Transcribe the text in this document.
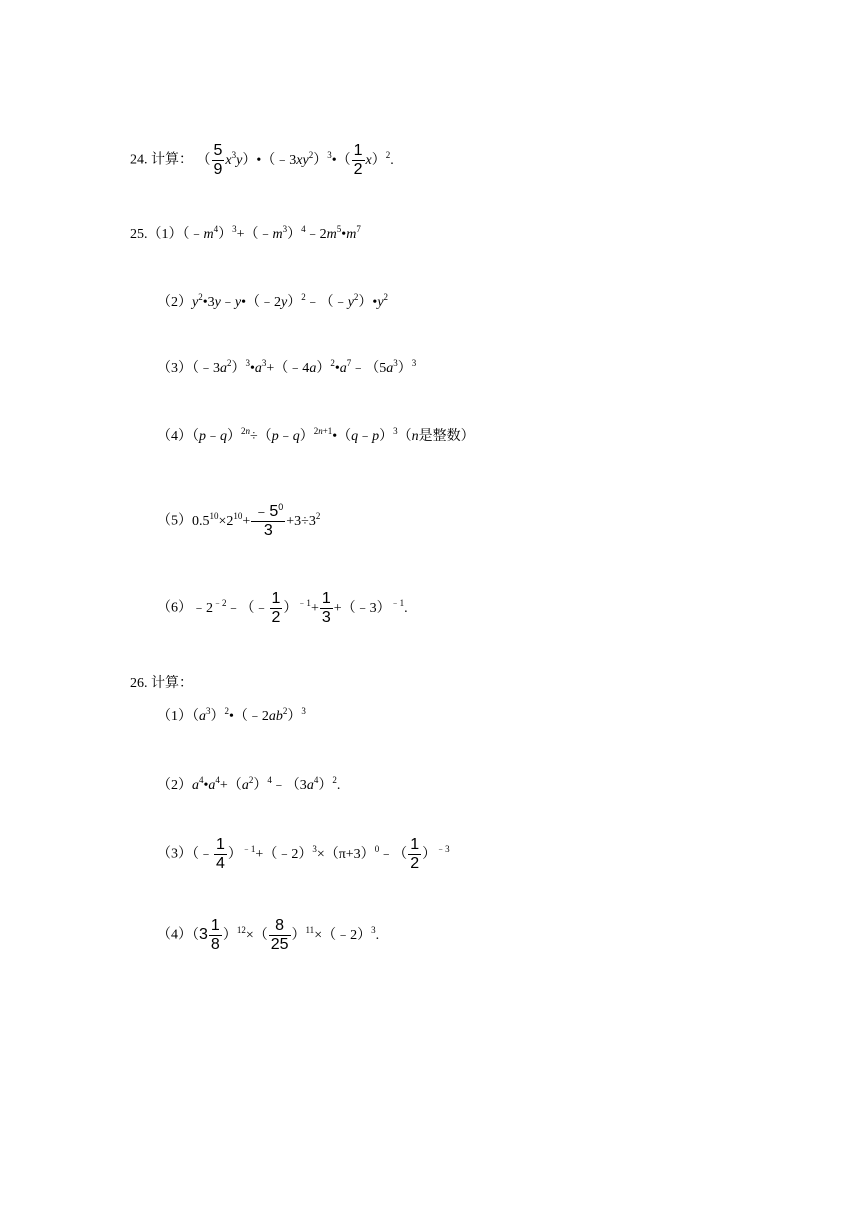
24. 计算： （ $\frac{5}{9}$ $x^3y)•(﹣3xy^2)^3•( \frac{1}{2} x)^2$.
$25.(1)(﹣m^4)^3+(﹣m^3)^4﹣2m^5•m^7$
$(2)y^2•3y﹣y•(﹣2y)^2﹣(﹣y^2)•y^2$
$(3)(﹣3a^2)^3•a^3+(﹣4a)^2•a^7﹣(5a^3)^3$
（4）（p﹣q）$^{2n}$÷（p﹣q）$^{2n+1}$•（q﹣p）$^3$（n是整数）
$(5)0.5^{10}\times 2^{10}+ \frac{﹣5^0}{3} +3\div 3^2$
$(6)﹣2^{﹣2}﹣(﹣ \frac{1}{2} )^{﹣1}+ \frac{1}{3}$ +（﹣3）$^{﹣1}$.
26. 计算：
$(1)(a^3)^2•(﹣2ab^2)^3$
$(2)a^4•a^4+(a^2)^4﹣(3a^4)^2$.
（3）（﹣ $\frac{1}{4}$ ）$^{﹣1}+(﹣2)^3\times(\pi+3)^0﹣( \frac{1}{2} )^{﹣3}$
$(4)(3 \frac{1}{8} )^{12}\times( \frac{8}{25}$ ）$^{11}\times(﹣2)^3$.
